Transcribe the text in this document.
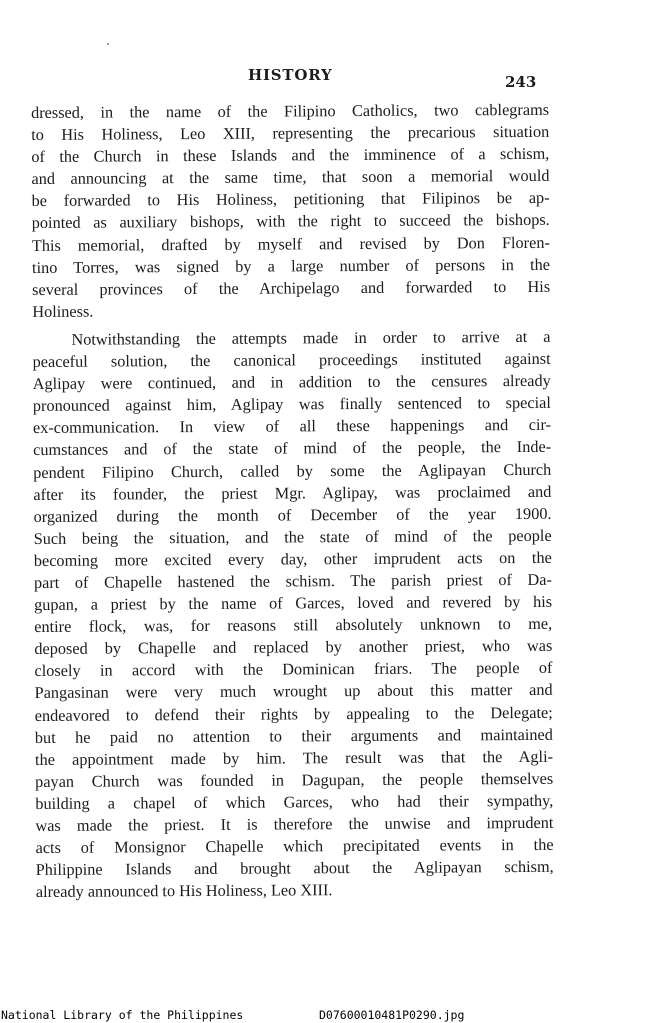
HISTORY	243
dressed, in the name of the Filipino Catholics, two cablegrams
to His Holiness, Leo XIII, representing the precarious situation
of the Church in these Islands and the imminence of a schism,
and announcing at the same time, that soon a memorial would
be forwarded to His Holiness, petitioning that Filipinos be ap-
pointed as auxiliary bishops, with the right to succeed the bishops.
This memorial, drafted by myself and revised by Don Floren-
tino Torres, was signed by a large number of persons in the
several provinces of the Archipelago and forwarded to His
Holiness.
Notwithstanding the attempts made in order to arrive at a
peaceful solution, the canonical proceedings instituted against
Aglipay were continued, and in addition to the censures already
pronounced against him, Aglipay was finally sentenced to special
ex-communication. In view of all these happenings and cir-
cumstances and of the state of mind of the people, the Inde-
pendent Filipino Church, called by some the Aglipayan Church
after its founder, the priest Mgr. Aglipay, was proclaimed and
organized during the month of December of the year 1900.
Such being the situation, and the state of mind of the people
becoming more excited every day, other imprudent acts on the
part of Chapelle hastened the schism. The parish priest of Da-
gupan, a priest by the name of Garces, loved and revered by his
entire flock, was, for reasons still absolutely unknown to me,
deposed by Chapelle and replaced by another priest, who was
closely in accord with the Dominican friars. The people of
Pangasinan were very much wrought up about this matter and
endeavored to defend their rights by appealing to the Delegate;
but he paid no attention to their arguments and maintained
the appointment made by him. The result was that the Agli-
payan Church was founded in Dagupan, the people themselves
building a chapel of which Garces, who had their sympathy,
was made the priest. It is therefore the unwise and imprudent
acts of Monsignor Chapelle which precipitated events in the
Philippine Islands and brought about the Aglipayan schism,
already announced to His Holiness, Leo XIII.
National Library of the Philippines	D07600010481P0290.jpg
